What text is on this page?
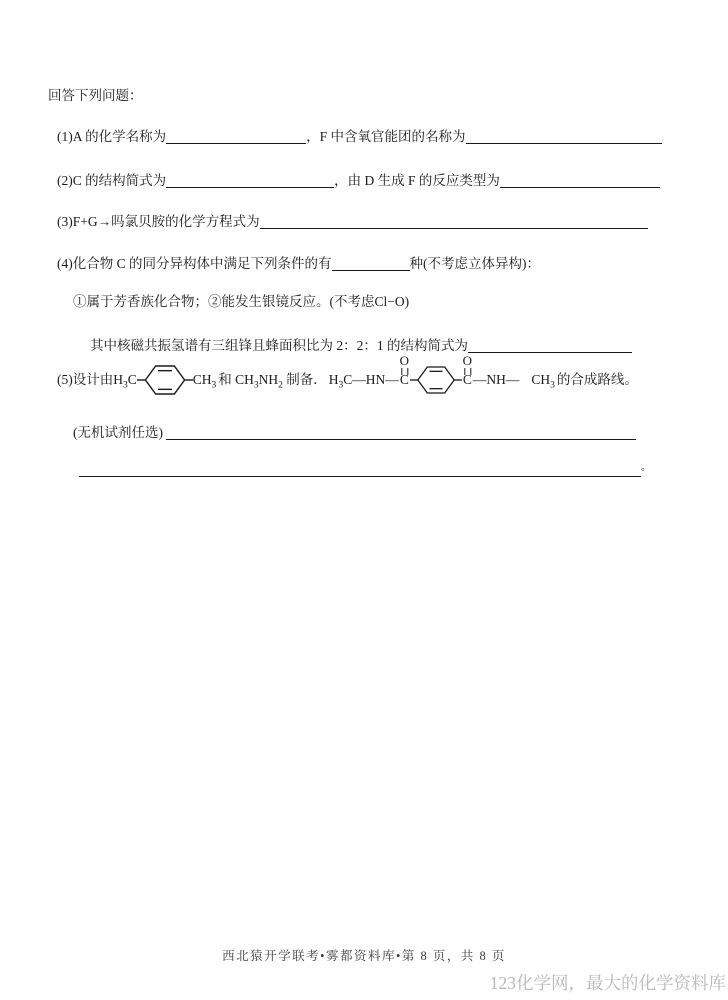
回答下列问题：
(1)A 的化学名称为	，F 中含氧官能团的名称为
(2)C 的结构简式为	，由 D 生成 F 的反应类型为
(3)F+G→吗氯贝胺的化学方程式为
(4)化合物 C 的同分异构体中满足下列条件的有	种(不考虑立体异构)：
①属于芳香族化合物；②能发生银镜反应。(不考虑Cl−O)
其中核磁共振氢谱有三组锋且蜂面积比为 2：2：1 的结构简式为
(5)设计由 $H_3C$	$CH_3$ 和 $CH_3NH_2$ 制备． $H_3C—HN—$
O
C
O
C —NH— $CH_3$ 的合成路线。
(无机试剂任选)
。
西北猿开学联考•雾都资料库•第 8 页，共 8 页
123化学网，最大的化学资料库
